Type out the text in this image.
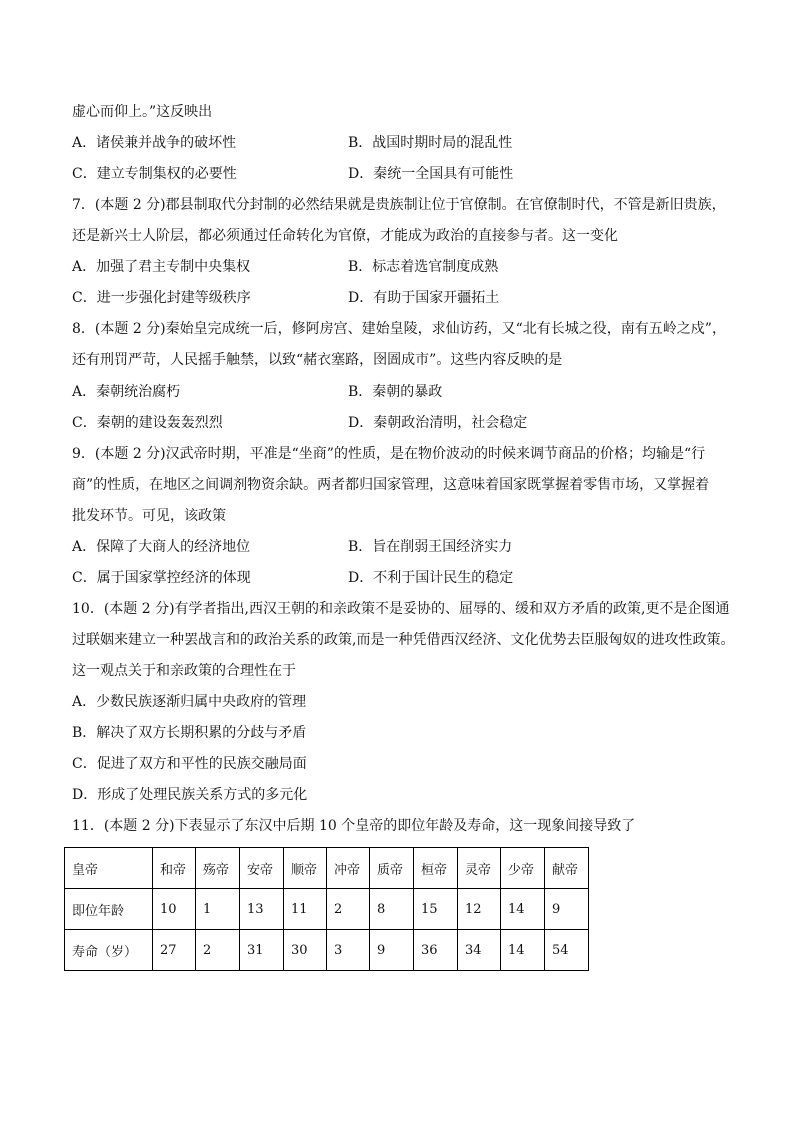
虚心而仰上。”这反映出
A．诸侯兼并战争的破坏性	B．战国时期时局的混乱性
C．建立专制集权的必要性	D．秦统一全国具有可能性
7．(本题 2 分)郡县制取代分封制的必然结果就是贵族制让位于官僚制。在官僚制时代，不管是新旧贵族，
还是新兴士人阶层，都必须通过任命转化为官僚，才能成为政治的直接参与者。这一变化
A．加强了君主专制中央集权	B．标志着选官制度成熟
C．进一步强化封建等级秩序	D．有助于国家开疆拓土
8．(本题 2 分)秦始皇完成统一后，修阿房宫、建始皇陵，求仙访药，又“北有长城之役，南有五岭之戍”，
还有刑罚严苛，人民摇手触禁，以致“赭衣塞路，囹圄成市”。这些内容反映的是
A．秦朝统治腐朽	B．秦朝的暴政
C．秦朝的建设轰轰烈烈	D．秦朝政治清明，社会稳定
9．(本题 2 分)汉武帝时期，平准是“坐商”的性质，是在物价波动的时候来调节商品的价格；均输是“行
商”的性质，在地区之间调剂物资余缺。两者都归国家管理，这意味着国家既掌握着零售市场，又掌握着
批发环节。可见，该政策
A．保障了大商人的经济地位	B．旨在削弱王国经济实力
C．属于国家掌控经济的体现	D．不利于国计民生的稳定
10．(本题 2 分)有学者指出,西汉王朝的和亲政策不是妥协的、屈辱的、缓和双方矛盾的政策,更不是企图通
过联姻来建立一种罢战言和的政治关系的政策,而是一种凭借西汉经济、文化优势去臣服匈奴的进攻性政策。
这一观点关于和亲政策的合理性在于
A．少数民族逐渐归属中央政府的管理
B．解决了双方长期积累的分歧与矛盾
C．促进了双方和平性的民族交融局面
D．形成了处理民族关系方式的多元化
11．(本题 2 分)下表显示了东汉中后期 10 个皇帝的即位年龄及寿命，这一现象间接导致了
皇帝	和帝	殇帝	安帝	顺帝	冲帝	质帝	桓帝	灵帝	少帝	献帝
即位年龄	10	1	13	11	2	8	15	12	14	9
寿命（岁）	27	2	31	30	3	9	36	34	14	54
